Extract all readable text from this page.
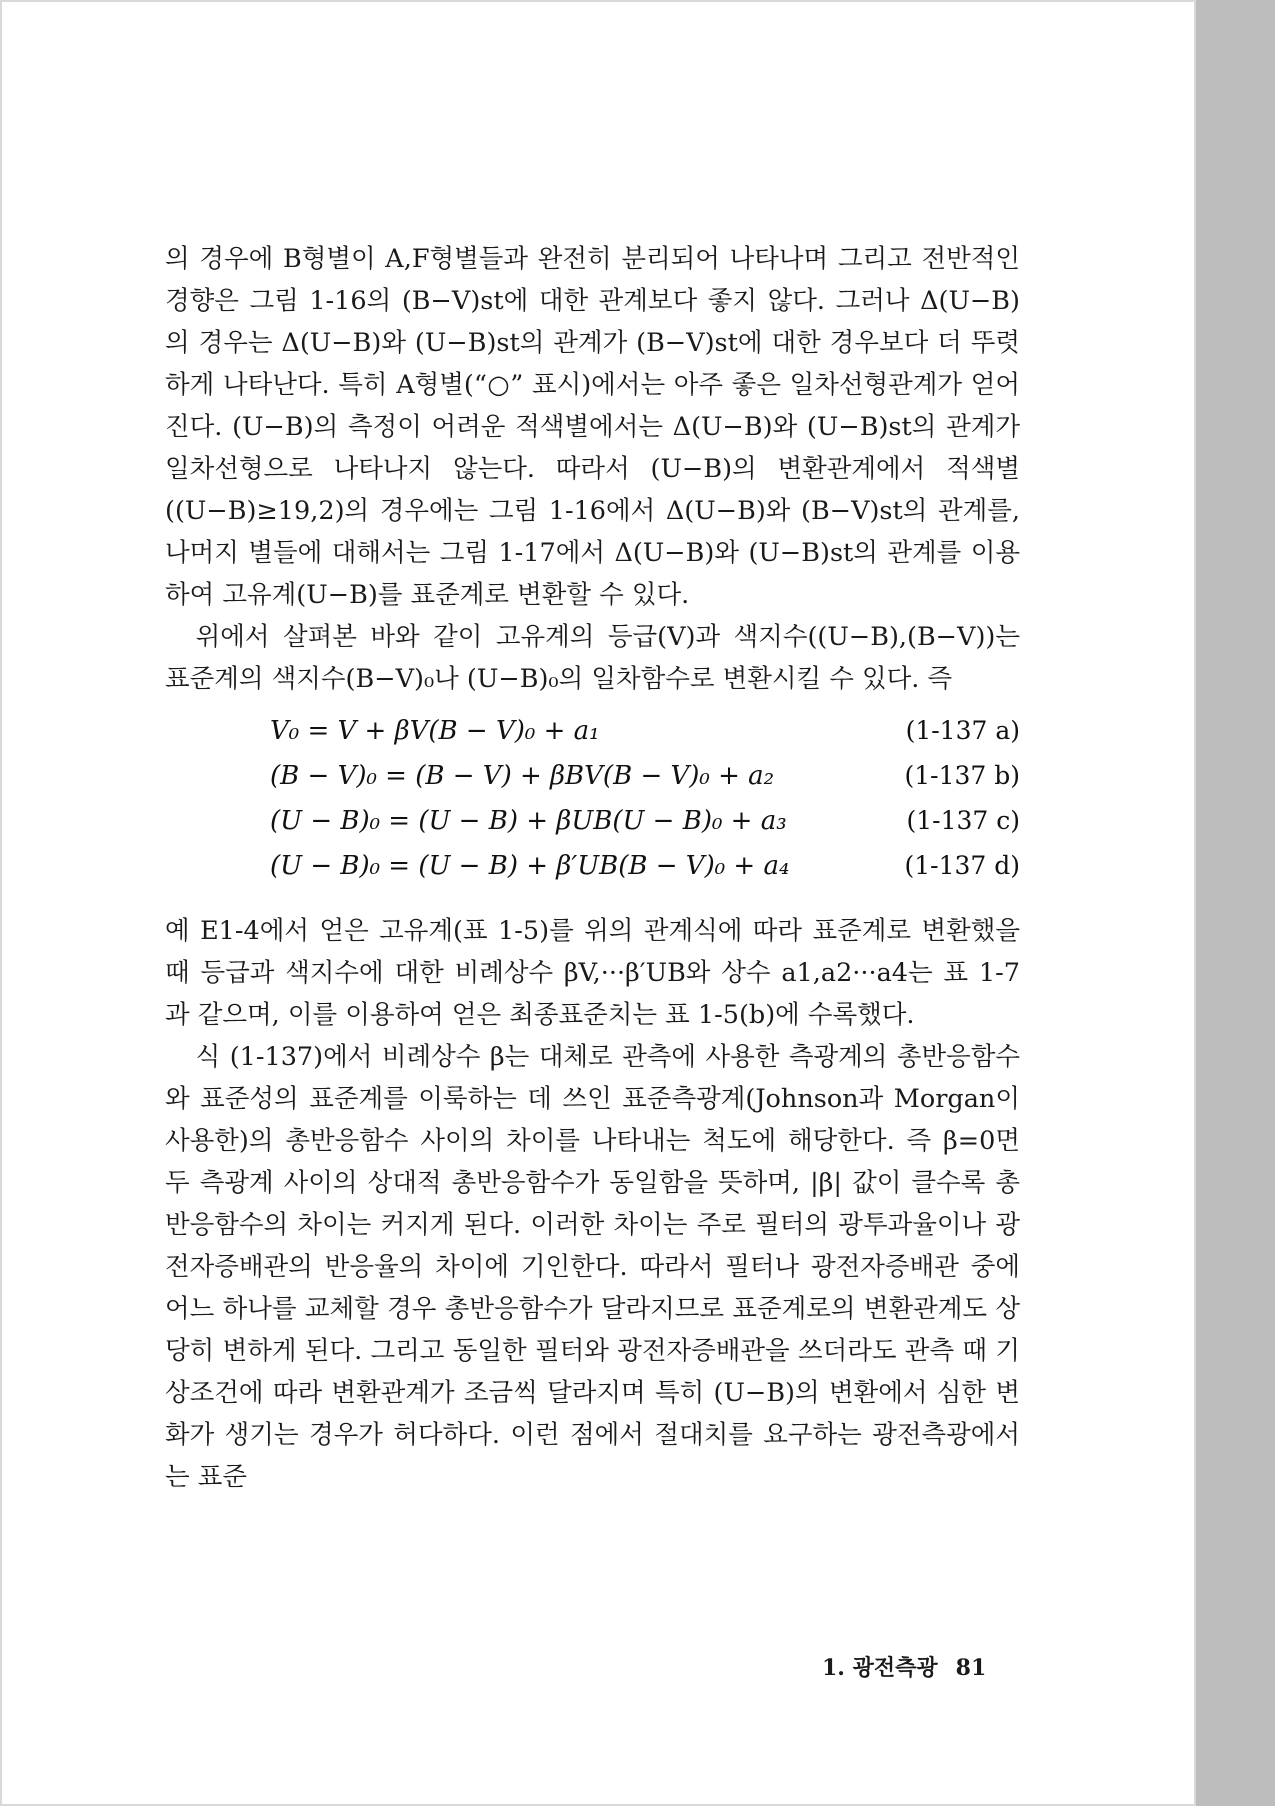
의 경우에 B형별이 A,F형별들과 완전히 분리되어 나타나며 그리고 전반적인 경향은 그림 1-16의 (B−V)st에 대한 관계보다 좋지 않다. 그러나 Δ(U−B)의 경우는 Δ(U−B)와 (U−B)st의 관계가 (B−V)st에 대한 경우보다 더 뚜렷하게 나타난다. 특히 A형별(“○” 표시)에서는 아주 좋은 일차선형관계가 얻어진다. (U−B)의 측정이 어려운 적색별에서는 Δ(U−B)와 (U−B)st의 관계가 일차선형으로 나타나지 않는다. 따라서 (U−B)의 변환관계에서 적색별 ((U−B)≥19,2)의 경우에는 그림 1-16에서 Δ(U−B)와 (B−V)st의 관계를, 나머지 별들에 대해서는 그림 1-17에서 Δ(U−B)와 (U−B)st의 관계를 이용하여 고유계(U−B)를 표준계로 변환할 수 있다.

위에서 살펴본 바와 같이 고유계의 등급(V)과 색지수((U−B),(B−V))는 표준계의 색지수(B−V)₀나 (U−B)₀의 일차함수로 변환시킬 수 있다. 즉

V₀ = V + βV(B − V)₀ + a₁	(1-137 a)
(B − V)₀ = (B − V) + βBV(B − V)₀ + a₂	(1-137 b)
(U − B)₀ = (U − B) + βUB(U − B)₀ + a₃	(1-137 c)
(U − B)₀ = (U − B) + β′UB(B − V)₀ + a₄	(1-137 d)

예 E1-4에서 얻은 고유계(표 1-5)를 위의 관계식에 따라 표준계로 변환했을 때 등급과 색지수에 대한 비례상수 βV,···β′UB와 상수 a1,a2···a4는 표 1-7과 같으며, 이를 이용하여 얻은 최종표준치는 표 1-5(b)에 수록했다.

식 (1-137)에서 비례상수 β는 대체로 관측에 사용한 측광계의 총반응함수와 표준성의 표준계를 이룩하는 데 쓰인 표준측광계(Johnson과 Morgan이 사용한)의 총반응함수 사이의 차이를 나타내는 척도에 해당한다. 즉 β=0면 두 측광계 사이의 상대적 총반응함수가 동일함을 뜻하며, |β| 값이 클수록 총반응함수의 차이는 커지게 된다. 이러한 차이는 주로 필터의 광투과율이나 광전자증배관의 반응율의 차이에 기인한다. 따라서 필터나 광전자증배관 중에 어느 하나를 교체할 경우 총반응함수가 달라지므로 표준계로의 변환관계도 상당히 변하게 된다. 그리고 동일한 필터와 광전자증배관을 쓰더라도 관측 때 기상조건에 따라 변환관계가 조금씩 달라지며 특히 (U−B)의 변환에서 심한 변화가 생기는 경우가 허다하다. 이런 점에서 절대치를 요구하는 광전측광에서는 표준

1. 광전측광 81
